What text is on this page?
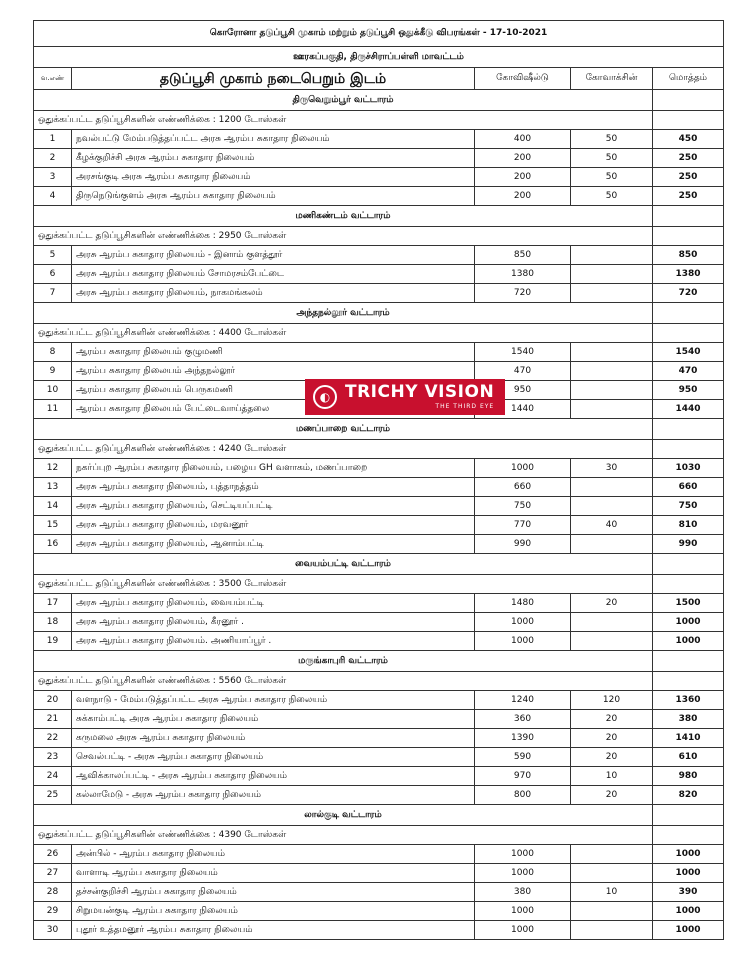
கொரோனா தடுப்பூசி முகாம் மற்றும் தடுப்பூசி ஒதுக்கீடு விபரங்கள் - 17-10-2021				
ஊரகப்பகுதி, திருச்சிராப்பள்ளி மாவட்டம்				
வ.எண்	தடுப்பூசி முகாம் நடைபெறும் இடம்	கோவிஷீல்டு	கோவாக்சின்	மொத்தம்
திருவெறும்பூர் வட்டாரம்				
ஒதுக்கப்பட்ட தடுப்பூசிகளின் எண்ணிக்கை : 1200 டோஸ்கள்				
1	நவல்பட்டு மேம்படுத்தப்பட்ட அரசு ஆரம்ப சுகாதார நிலையம்	400	50	450
2	கீழக்குறிச்சி அரசு ஆரம்ப சுகாதார நிலையம்	200	50	250
3	அரசங்குடி அரசு ஆரம்ப சுகாதார நிலையம்	200	50	250
4	திருநெடுங்குளம் அரசு ஆரம்ப சுகாதார நிலையம்	200	50	250
மணிகண்டம் வட்டாரம்				
ஒதுக்கப்பட்ட தடுப்பூசிகளின் எண்ணிக்கை : 2950 டோஸ்கள்				
5	அரசு ஆரம்ப சுகாதார நிலையம் - இனாம் குளத்தூர்	850		850
6	அரசு ஆரம்ப சுகாதார நிலையம் சோமரசம்பேட்டை	1380		1380
7	அரசு ஆரம்ப சுகாதார நிலையம், நாகமங்கலம்	720		720
அந்தநல்லூர் வட்டாரம்				
ஒதுக்கப்பட்ட தடுப்பூசிகளின் எண்ணிக்கை : 4400 டோஸ்கள்				
8	ஆரம்ப சுகாதார நிலையம் குழுமணி	1540		1540
9	ஆரம்ப சுகாதார நிலையம் அந்தநல்லூர்	470		470
10	ஆரம்ப சுகாதார நிலையம் பெருகமணி	950		950
11	ஆரம்ப சுகாதார நிலையம் பேட்டைவாய்த்தலை	1440		1440
மணப்பாறை வட்டாரம்				
ஒதுக்கப்பட்ட தடுப்பூசிகளின் எண்ணிக்கை : 4240 டோஸ்கள்				
12	நகர்ப்புற ஆரம்ப சுகாதார நிலையம், பழைய GH வளாகம், மணப்பாறை	1000	30	1030
13	அரசு ஆரம்ப சுகாதார நிலையம், புத்தாநத்தம்	660		660
14	அரசு ஆரம்ப சுகாதார நிலையம், செட்டியப்பட்டி	750		750
15	அரசு ஆரம்ப சுகாதார நிலையம், மரவனூர்	770	40	810
16	அரசு ஆரம்ப சுகாதார நிலையம், ஆனாம்பட்டி	990		990
வையம்பட்டி வட்டாரம்				
ஒதுக்கப்பட்ட தடுப்பூசிகளின் எண்ணிக்கை : 3500 டோஸ்கள்				
17	அரசு ஆரம்ப சுகாதார நிலையம், வையம்பட்டி	1480	20	1500
18	அரசு ஆரம்ப சுகாதார நிலையம், கீரனூர் .	1000		1000
19	அரசு ஆரம்ப சுகாதார நிலையம். அணியாப்பூர் .	1000		1000
மருங்காபுரி வட்டாரம்				
ஒதுக்கப்பட்ட தடுப்பூசிகளின் எண்ணிக்கை : 5560 டோஸ்கள்				
20	வளநாடு - மேம்படுத்தப்பட்ட அரசு ஆரம்ப சுகாதார நிலையம்	1240	120	1360
21	சுக்காம்பட்டி அரசு ஆரம்ப சுகாதார நிலையம்	360	20	380
22	கருமலை அரசு ஆரம்ப சுகாதார நிலையம்	1390	20	1410
23	செவல்பட்டி - அரசு ஆரம்ப சுகாதார நிலையம்	590	20	610
24	ஆவிக்காலப்பட்டி - அரசு ஆரம்ப சுகாதார நிலையம்	970	10	980
25	கல்லாமேடு - அரசு ஆரம்ப சுகாதார நிலையம்	800	20	820
லால்குடி வட்டாரம்				
ஒதுக்கப்பட்ட தடுப்பூசிகளின் எண்ணிக்கை : 4390 டோஸ்கள்				
26	அன்பில் - ஆரம்ப சுகாதார நிலையம்	1000		1000
27	வாளாடி ஆரம்ப சுகாதார நிலையம்	1000		1000
28	தச்சன்குறிச்சி ஆரம்ப சுகாதார நிலையம்	380	10	390
29	சிறுமயன்குடி ஆரம்ப சுகாதார நிலையம்	1000		1000
30	புதூர் உத்தமனூர் ஆரம்ப சுகாதார நிலையம்	1000		1000
◐ TRICHY VISION
THE THIRD EYE
